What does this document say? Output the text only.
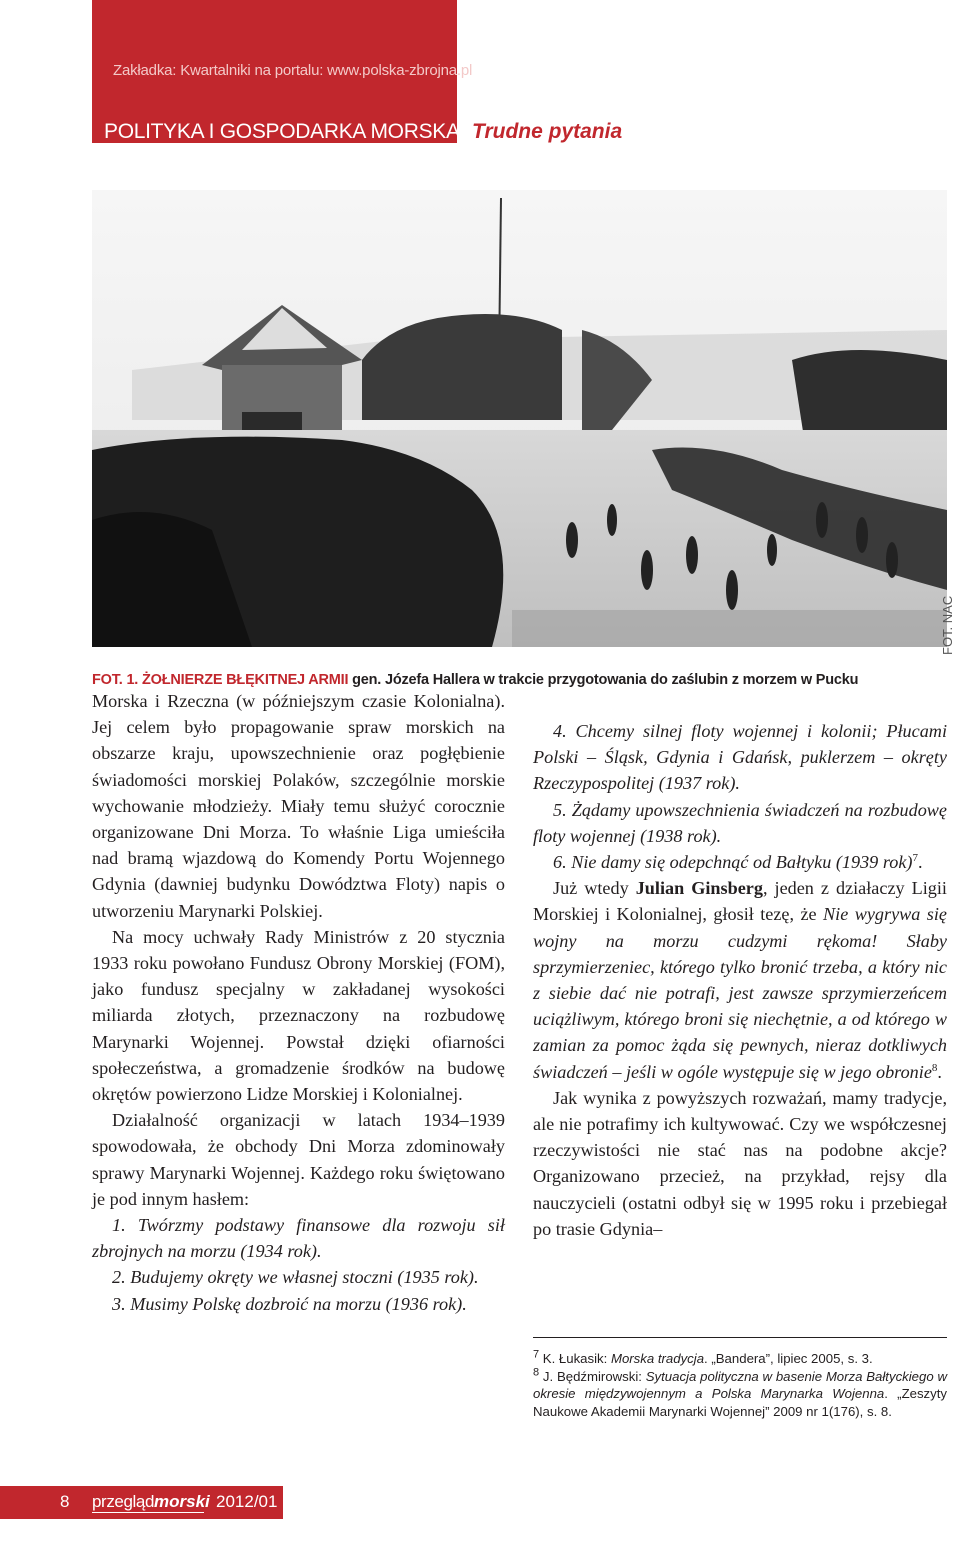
Zakładka: Kwartalniki na portalu: www.polska-zbrojna.pl
POLITYKA I GOSPODARKA MORSKA Trudne pytania
FOT. NAC
FOT. 1. ŻOŁNIERZE BŁĘKITNEJ ARMII gen. Józefa Hallera w trakcie przygotowania do zaślubin z morzem w Pucku

Morska i Rzeczna (w późniejszym czasie Kolonialna). Jej celem było propagowanie spraw morskich na obszarze kraju, upowszechnienie oraz pogłębienie świadomości morskiej Polaków, szczególnie morskie wychowanie młodzieży. Miały temu służyć corocznie organizowane Dni Morza. To właśnie Liga umieściła nad bramą wjazdową do Komendy Portu Wojennego Gdynia (dawniej budynku Dowództwa Floty) napis o utworzeniu Marynarki Polskiej.

Na mocy uchwały Rady Ministrów z 20 stycznia 1933 roku powołano Fundusz Obrony Morskiej (FOM), jako fundusz specjalny w zakładanej wysokości miliarda złotych, przeznaczony na rozbudowę Marynarki Wojennej. Powstał dzięki ofiarności społeczeństwa, a gromadzenie środków na budowę okrętów powierzono Lidze Morskiej i Kolonialnej.

Działalność organizacji w latach 1934–1939 spowodowała, że obchody Dni Morza zdominowały sprawy Marynarki Wojennej. Każdego roku świętowano je pod innym hasłem:

1. Twórzmy podstawy finansowe dla rozwoju sił zbrojnych na morzu (1934 rok).

2. Budujemy okręty we własnej stoczni (1935 rok).

3. Musimy Polskę dozbroić na morzu (1936 rok).

4. Chcemy silnej floty wojennej i kolonii; Płucami Polski – Śląsk, Gdynia i Gdańsk, puklerzem – okręty Rzeczypospolitej (1937 rok).

5. Żądamy upowszechnienia świadczeń na rozbudowę floty wojennej (1938 rok).

6. Nie damy się odepchnąć od Bałtyku (1939 rok)$^7$.

Już wtedy Julian Ginsberg, jeden z działaczy Ligii Morskiej i Kolonialnej, głosił tezę, że Nie wygrywa się wojny na morzu cudzymi rękoma! Słaby sprzymierzeniec, którego tylko bronić trzeba, a który nic z siebie dać nie potrafi, jest zawsze sprzymierzeńcem uciążliwym, którego broni się niechętnie, a od którego w zamian za pomoc żąda się pewnych, nieraz dotkliwych świadczeń – jeśli w ogóle występuje się w jego obronie$^8$.

Jak wynika z powyższych rozważań, mamy tradycje, ale nie potrafimy ich kultywować. Czy we współczesnej rzeczywistości nie stać nas na podobne akcje? Organizowano przecież, na przykład, rejsy dla nauczycieli (ostatni odbył się w 1995 roku i przebiegał po trasie Gdynia–

$^7$ K. Łukasik: Morska tradycja. „Bandera”, lipiec 2005, s. 3.

$^8$ J. Będźmirowski: Sytuacja polityczna w basenie Morza Bałtyckiego w okresie międzywojennym a Polska Marynarka Wojenna. „Zeszyty Naukowe Akademii Marynarki Wojennej” 2009 nr 1(176), s. 8.

8 przegląd morski 2012/01
